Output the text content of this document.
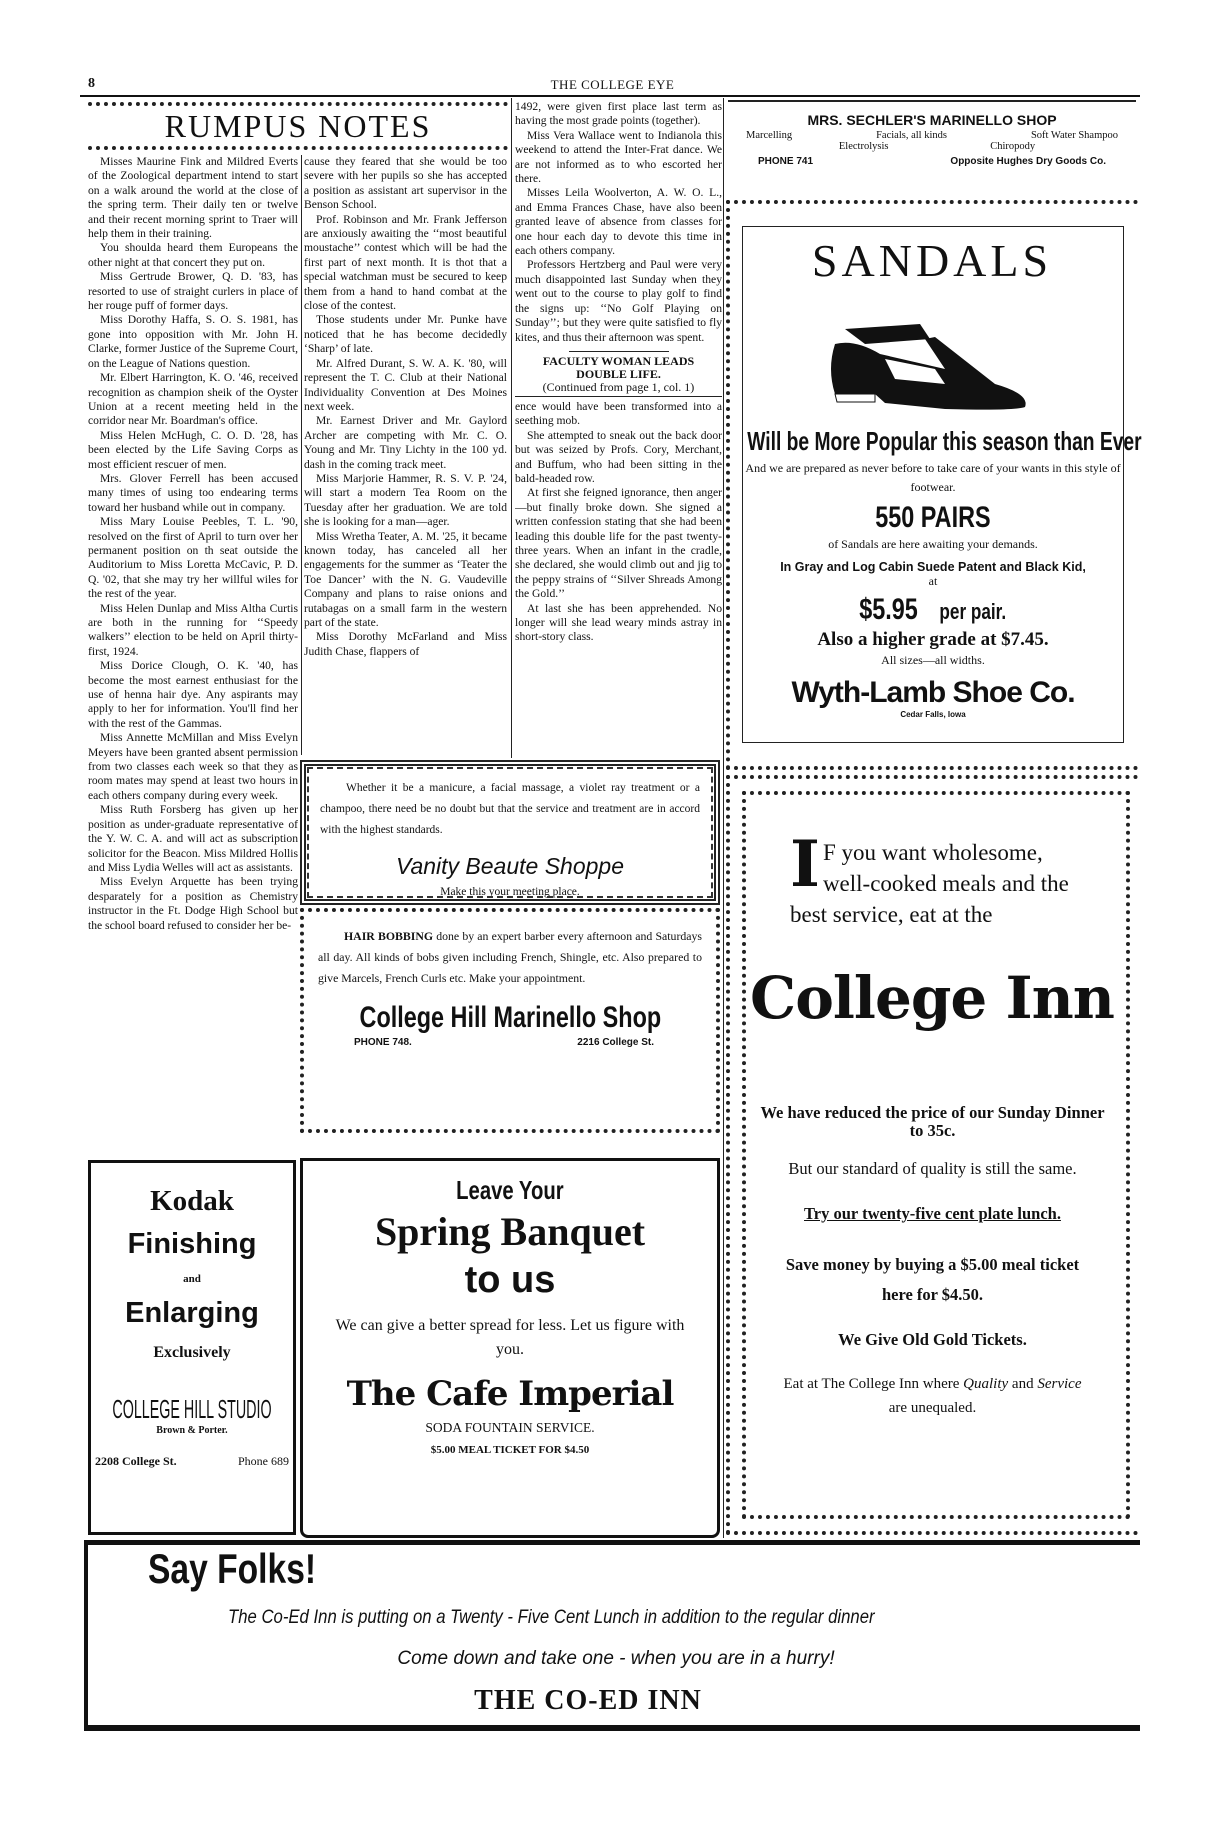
8	THE COLLEGE EYE
RUMPUS NOTES

Misses Maurine Fink and Mildred Everts of the Zoological department intend to start on a walk around the world at the close of the spring term. Their daily ten or twelve and their recent morning sprint to Traer will help them in their training.

You shoulda heard them Europeans the other night at that concert they put on.

Miss Gertrude Brower, Q. D. '83, has resorted to use of straight curlers in place of her rouge puff of former days.

Miss Dorothy Haffa, S. O. S. 1981, has gone into opposition with Mr. John H. Clarke, former Justice of the Supreme Court, on the League of Nations question.

Mr. Elbert Harrington, K. O. '46, received recognition as champion sheik of the Oyster Union at a recent meeting held in the corridor near Mr. Boardman's office.

Miss Helen McHugh, C. O. D. '28, has been elected by the Life Saving Corps as most efficient rescuer of men.

Mrs. Glover Ferrell has been accused many times of using too endearing terms toward her husband while out in company.

Miss Mary Louise Peebles, T. L. '90, resolved on the first of April to turn over her permanent position on th seat outside the Auditorium to Miss Loretta McCavic, P. D. Q. '02, that she may try her willful wiles for the rest of the year.

Miss Helen Dunlap and Miss Altha Curtis are both in the running for ‘‘Speedy walkers’’ election to be held on April thirty-first, 1924.

Miss Dorice Clough, O. K. '40, has become the most earnest enthusiast for the use of henna hair dye. Any aspirants may apply to her for information. You'll find her with the rest of the Gammas.

Miss Annette McMillan and Miss Evelyn Meyers have been granted absent permission from two classes each week so that they as room mates may spend at least two hours in each others company during every week.

Miss Ruth Forsberg has given up her position as under-graduate representative of the Y. W. C. A. and will act as subscription solicitor for the Beacon. Miss Mildred Hollis and Miss Lydia Welles will act as assistants.

Miss Evelyn Arquette has been trying desparately for a position as Chemistry instructor in the Ft. Dodge High School but the school board refused to consider her be-

cause they feared that she would be too severe with her pupils so she has accepted a position as assistant art supervisor in the Benson School.

Prof. Robinson and Mr. Frank Jefferson are anxiously awaiting the ‘‘most beautiful moustache’’ contest which will be had the first part of next month. It is thot that a special watchman must be secured to keep them from a hand to hand combat at the close of the contest.

Those students under Mr. Punke have noticed that he has become decidedly ‘Sharp’ of late.

Mr. Alfred Durant, S. W. A. K. '80, will represent the T. C. Club at their National Individuality Convention at Des Moines next week.

Mr. Earnest Driver and Mr. Gaylord Archer are competing with Mr. C. O. Young and Mr. Tiny Lichty in the 100 yd. dash in the coming track meet.

Miss Marjorie Hammer, R. S. V. P. '24, will start a modern Tea Room on the Tuesday after her graduation. We are told she is looking for a man—ager.

Miss Wretha Teater, A. M. '25, it became known today, has canceled all her engagements for the summer as ‘Teater the Toe Dancer’ with the N. G. Vaudeville Company and plans to raise onions and rutabagas on a small farm in the western part of the state.

Miss Dorothy McFarland and Miss Judith Chase, flappers of

1492, were given first place last term as having the most grade points (together).

Miss Vera Wallace went to Indianola this weekend to attend the Inter-Frat dance. We are not informed as to who escorted her there.

Misses Leila Woolverton, A. W. O. L., and Emma Frances Chase, have also been granted leave of absence from classes for one hour each day to devote this time in each others company.

Professors Hertzberg and Paul were very much disappointed last Sunday when they went out to the course to play golf to find the signs up: ‘‘No Golf Playing on Sunday’’; but they were quite satisfied to fly kites, and thus their afternoon was spent.

FACULTY WOMAN LEADS DOUBLE LIFE.
(Continued from page 1, col. 1)

ence would have been transformed into a seething mob.

She attempted to sneak out the back door but was seized by Profs. Cory, Merchant, and Buffum, who had been sitting in the bald-headed row.

At first she feigned ignorance, then anger—but finally broke down. She signed a written confession stating that she had been leading this double life for the past twenty-three years. When an infant in the cradle, she declared, she would climb out and jig to the peppy strains of ‘‘Silver Shreads Among the Gold.’’

At last she has been apprehended. No longer will she lead weary minds astray in short-story class.

MRS. SECHLER'S MARINELLO SHOP
Marcelling	Facials, all kinds	Soft Water Shampoo
Electrolysis	Chiropody
PHONE 741	Opposite Hughes Dry Goods Co.
SANDALS
Will be More Popular this season than Ever
And we are prepared as never before to take care of your wants in this style of footwear.
550 PAIRS
of Sandals are here awaiting your demands.
In Gray and Log Cabin Suede Patent and Black Kid,
at
$5.95 per pair.
Also a higher grade at $7.45.
All sizes—all widths.
Wyth-Lamb Shoe Co.
Cedar Falls, Iowa
Whether it be a manicure, a facial massage, a violet ray treatment or a champoo, there need be no doubt but that the service and treatment are in accord with the highest standards.
Vanity Beaute Shoppe
Make this your meeting place.
HAIR BOBBING done by an expert barber every afternoon and Saturdays all day. All kinds of bobs given including French, Shingle, etc. Also prepared to give Marcels, French Curls etc. Make your appointment.
College Hill Marinello Shop
PHONE 748.	2216 College St.
I F you want wholesome, well-cooked meals and the best service, eat at the
College Inn
We have reduced the price of our Sunday Dinner to 35c.
But our standard of quality is still the same.
Try our twenty-five cent plate lunch.
Save money by buying a $5.00 meal ticket here for $4.50.
We Give Old Gold Tickets.
Eat at The College Inn where Quality and Service are unequaled.
Kodak
Finishing
and
Enlarging
Exclusively
COLLEGE HILL STUDIO
Brown & Porter.
2208 College St.	Phone 689
Leave Your
Spring Banquet
to us
We can give a better spread for less. Let us figure with you.
The Cafe Imperial
SODA FOUNTAIN SERVICE.
$5.00 MEAL TICKET FOR $4.50
Say Folks!
The Co-Ed Inn is putting on a Twenty - Five Cent Lunch in addition to the regular dinner
Come down and take one - when you are in a hurry!
THE CO-ED INN
